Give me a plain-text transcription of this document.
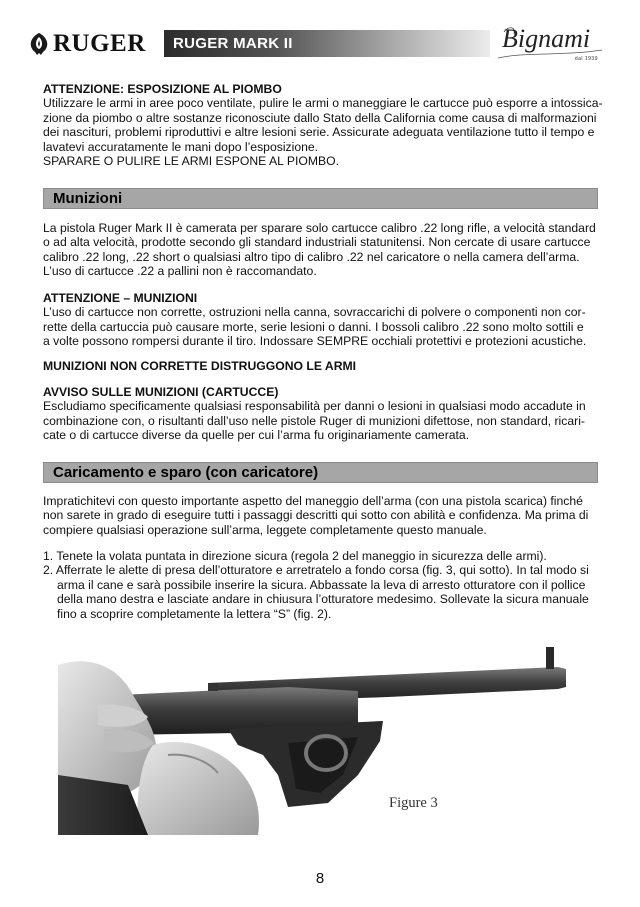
RUGER RUGER MARK II	Bignami
dal 1939
ATTENZIONE: ESPOSIZIONE AL PIOMBO
Utilizzare le armi in aree poco ventilate, pulire le armi o maneggiare le cartucce può esporre a intossica-
zione da piombo o altre sostanze riconosciute dallo Stato della California come causa di malformazioni
dei nascituri, problemi riproduttivi e altre lesioni serie. Assicurate adeguata ventilazione tutto il tempo e
lavatevi accuratamente le mani dopo l’esposizione.
SPARARE O PULIRE LE ARMI ESPONE AL PIOMBO.
Munizioni
La pistola Ruger Mark II è camerata per sparare solo cartucce calibro .22 long rifle, a velocità standard
o ad alta velocità, prodotte secondo gli standard industriali statunitensi. Non cercate di usare cartucce
calibro .22 long, .22 short o qualsiasi altro tipo di calibro .22 nel caricatore o nella camera dell’arma.
L’uso di cartucce .22 a pallini non è raccomandato.
ATTENZIONE – MUNIZIONI
L’uso di cartucce non corrette, ostruzioni nella canna, sovraccarichi di polvere o componenti non cor-
rette della cartuccia può causare morte, serie lesioni o danni. I bossoli calibro .22 sono molto sottili e
a volte possono rompersi durante il tiro. Indossare SEMPRE occhiali protettivi e protezioni acustiche.
MUNIZIONI NON CORRETTE DISTRUGGONO LE ARMI
AVVISO SULLE MUNIZIONI (CARTUCCE)
Escludiamo specificamente qualsiasi responsabilità per danni o lesioni in qualsiasi modo accadute in
combinazione con, o risultanti dall’uso nelle pistole Ruger di munizioni difettose, non standard, ricari-
cate o di cartucce diverse da quelle per cui l’arma fu originariamente camerata.
Caricamento e sparo (con caricatore)
Impratichitevi con questo importante aspetto del maneggio dell’arma (con una pistola scarica) finché
non sarete in grado di eseguire tutti i passaggi descritti qui sotto con abilità e confidenza. Ma prima di
compiere qualsiasi operazione sull’arma, leggete completamente questo manuale.
1. Tenete la volata puntata in direzione sicura (regola 2 del maneggio in sicurezza delle armi).
2. Afferrate le alette di presa dell’otturatore e arretratelo a fondo corsa (fig. 3, qui sotto). In tal modo si
arma il cane e sarà possibile inserire la sicura. Abbassate la leva di arresto otturatore con il pollice
della mano destra e lasciate andare in chiusura l’otturatore medesimo. Sollevate la sicura manuale
fino a scoprire completamente la lettera “S” (fig. 2).
Figure 3
8
